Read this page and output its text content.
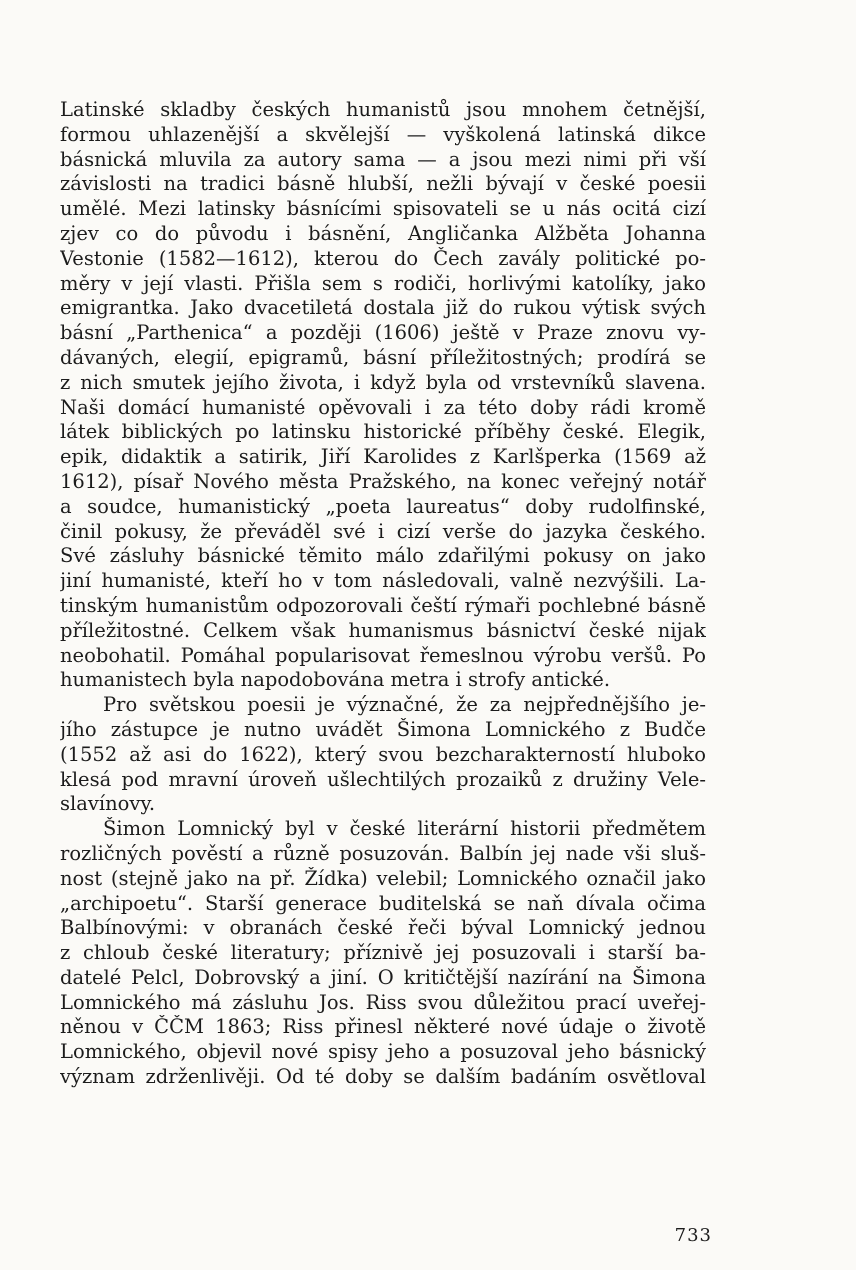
Latinské skladby českých humanistů jsou mnohem četnější,
formou uhlazenější a skvělejší — vyškolená latinská dikce
básnická mluvila za autory sama — a jsou mezi nimi při vší
závislosti na tradici básně hlubší, nežli bývají v české poesii
umělé. Mezi latinsky básnícími spisovateli se u nás ocitá cizí
zjev co do původu i básnění, Angličanka Alžběta Johanna
Vestonie (1582—1612), kterou do Čech zavály politické po-
měry v její vlasti. Přišla sem s rodiči, horlivými katolíky, jako
emigrantka. Jako dvacetiletá dostala již do rukou výtisk svých
básní „Parthenica“ a později (1606) ještě v Praze znovu vy-
dávaných, elegií, epigramů, básní příležitostných; prodírá se
z nich smutek jejího života, i když byla od vrstevníků slavena.
Naši domácí humanisté opěvovali i za této doby rádi kromě
látek biblických po latinsku historické příběhy české. Elegik,
epik, didaktik a satirik, Jiří Karolides z Karlšperka (1569 až
1612), písař Nového města Pražského, na konec veřejný notář
a soudce, humanistický „poeta laureatus“ doby rudolfinské,
činil pokusy, že převáděl své i cizí verše do jazyka českého.
Své zásluhy básnické těmito málo zdařilými pokusy on jako
jiní humanisté, kteří ho v tom následovali, valně nezvýšili. La-
tinským humanistům odpozorovali čeští rýmaři pochlebné básně
příležitostné. Celkem však humanismus básnictví české nijak
neobohatil. Pomáhal popularisovat řemeslnou výrobu veršů. Po
humanistech byla napodobována metra i strofy antické.
Pro světskou poesii je význačné, že za nejpřednějšího je-
jího zástupce je nutno uvádět Šimona Lomnického z Budče
(1552 až asi do 1622), který svou bezcharakterností hluboko
klesá pod mravní úroveň ušlechtilých prozaiků z družiny Vele-
slavínovy.
Šimon Lomnický byl v české literární historii předmětem
rozličných pověstí a různě posuzován. Balbín jej nade vši sluš-
nost (stejně jako na př. Žídka) velebil; Lomnického označil jako
„archipoetu“. Starší generace buditelská se naň dívala očima
Balbínovými: v obranách české řeči býval Lomnický jednou
z chloub české literatury; příznivě jej posuzovali i starší ba-
datelé Pelcl, Dobrovský a jiní. O kritičtější nazírání na Šimona
Lomnického má zásluhu Jos. Riss svou důležitou prací uveřej-
něnou v ČČM 1863; Riss přinesl některé nové údaje o životě
Lomnického, objevil nové spisy jeho a posuzoval jeho básnický
význam zdrženlivěji. Od té doby se dalším badáním osvětloval
733
